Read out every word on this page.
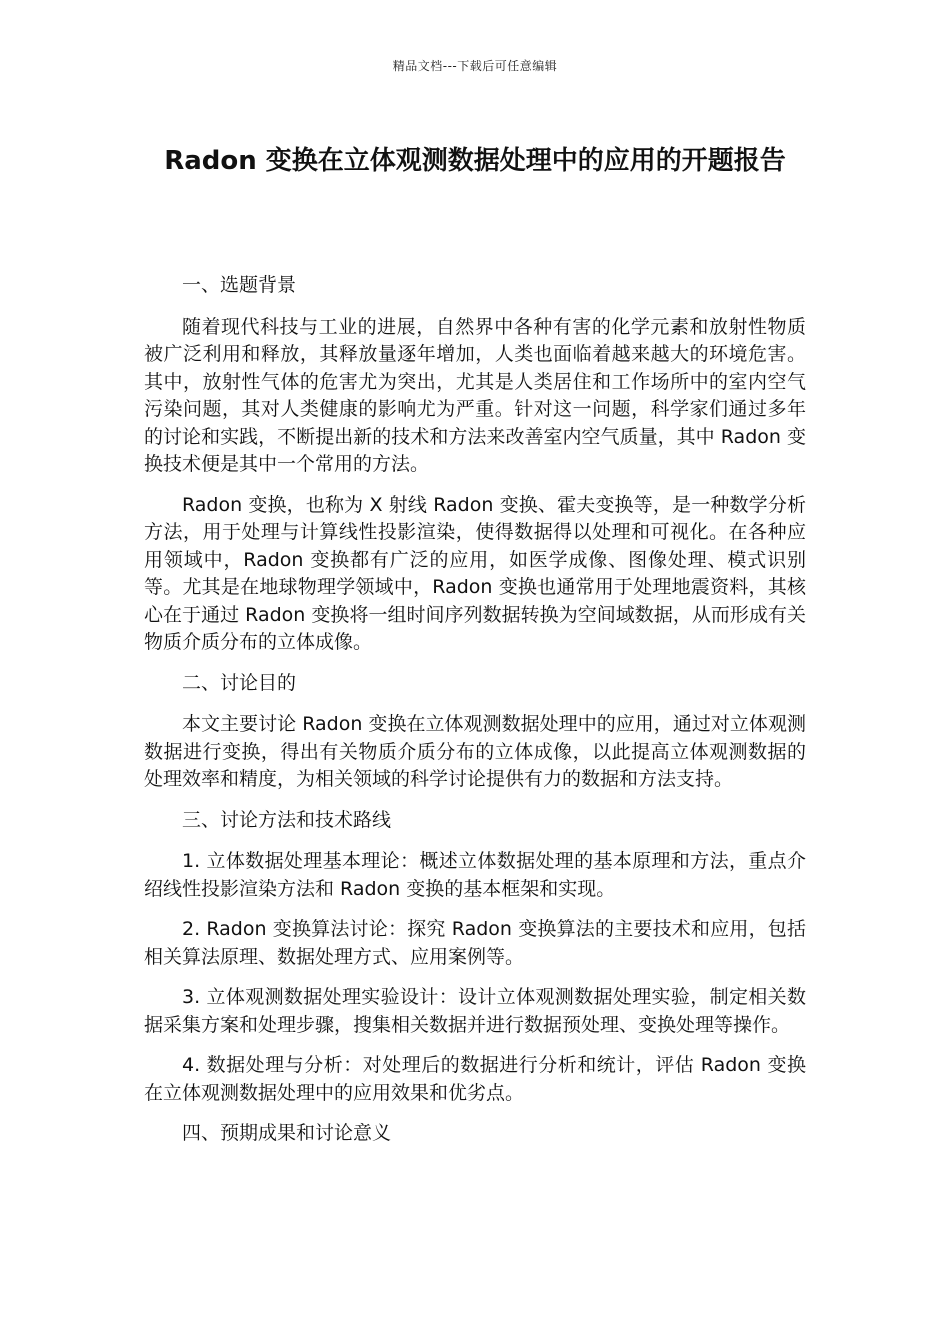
精品文档---下载后可任意编辑
Radon 变换在立体观测数据处理中的应用的开题报告

一、选题背景

随着现代科技与工业的进展，自然界中各种有害的化学元素和放射性物质被广泛利用和释放，其释放量逐年增加，人类也面临着越来越大的环境危害。其中，放射性气体的危害尤为突出，尤其是人类居住和工作场所中的室内空气污染问题，其对人类健康的影响尤为严重。针对这一问题，科学家们通过多年的讨论和实践，不断提出新的技术和方法来改善室内空气质量，其中 Radon 变换技术便是其中一个常用的方法。

Radon 变换，也称为 X 射线 Radon 变换、霍夫变换等，是一种数学分析方法，用于处理与计算线性投影渲染，使得数据得以处理和可视化。在各种应用领域中，Radon 变换都有广泛的应用，如医学成像、图像处理、模式识别等。尤其是在地球物理学领域中，Radon 变换也通常用于处理地震资料，其核心在于通过 Radon 变换将一组时间序列数据转换为空间域数据，从而形成有关物质介质分布的立体成像。

二、讨论目的

本文主要讨论 Radon 变换在立体观测数据处理中的应用，通过对立体观测数据进行变换，得出有关物质介质分布的立体成像，以此提高立体观测数据的处理效率和精度，为相关领域的科学讨论提供有力的数据和方法支持。

三、讨论方法和技术路线

1. 立体数据处理基本理论：概述立体数据处理的基本原理和方法，重点介绍线性投影渲染方法和 Radon 变换的基本框架和实现。

2. Radon 变换算法讨论：探究 Radon 变换算法的主要技术和应用，包括相关算法原理、数据处理方式、应用案例等。

3. 立体观测数据处理实验设计：设计立体观测数据处理实验，制定相关数据采集方案和处理步骤，搜集相关数据并进行数据预处理、变换处理等操作。

4. 数据处理与分析：对处理后的数据进行分析和统计，评估 Radon 变换在立体观测数据处理中的应用效果和优劣点。

四、预期成果和讨论意义
